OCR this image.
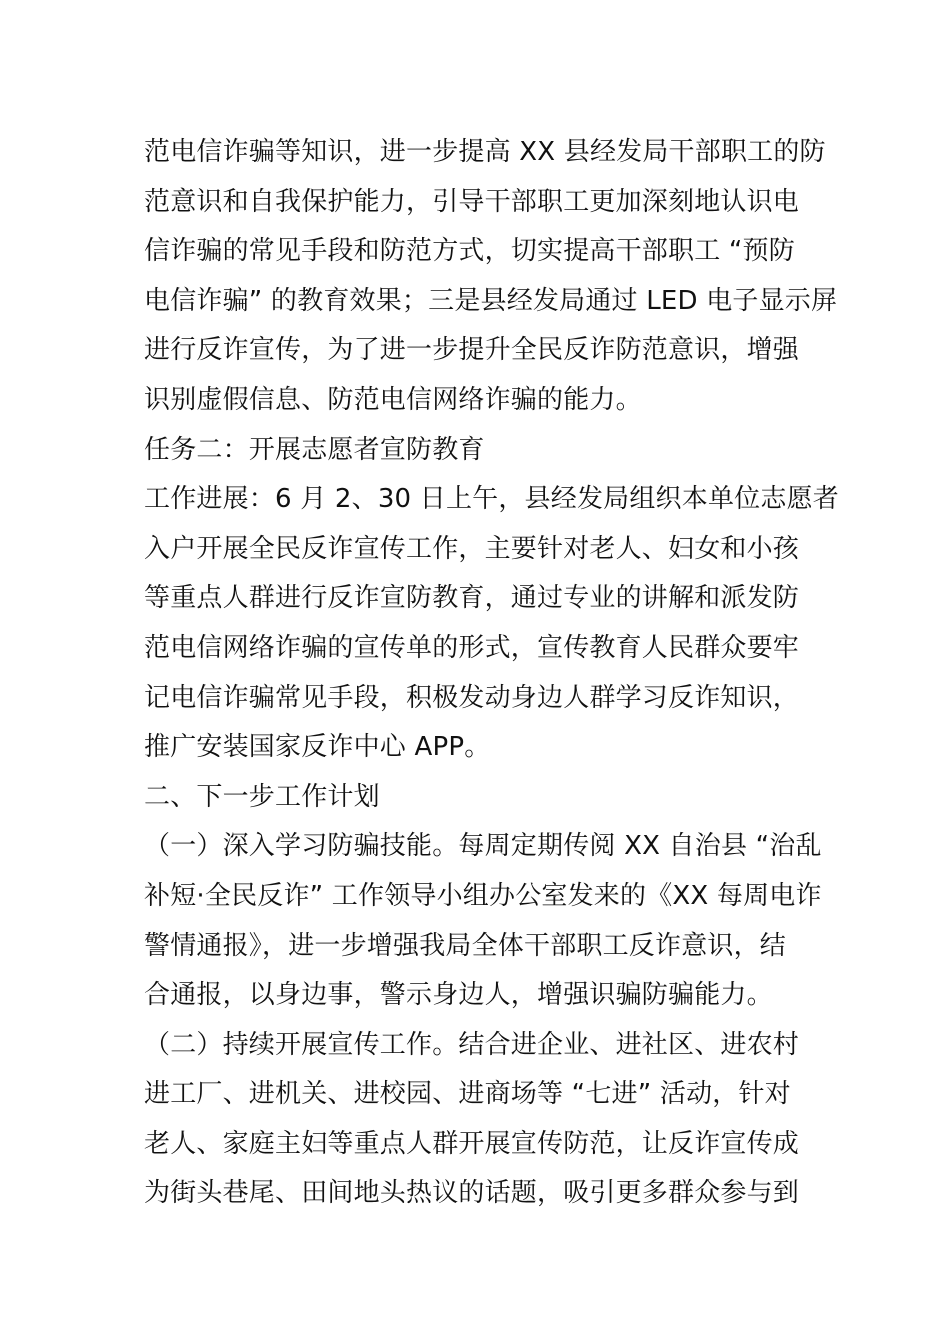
范电信诈骗等知识，进一步提高 XX 县经发局干部职工的防
范意识和自我保护能力，引导干部职工更加深刻地认识电
信诈骗的常见手段和防范方式，切实提高干部职工 “预防
电信诈骗” 的教育效果；三是县经发局通过 LED 电子显示屏
进行反诈宣传，为了进一步提升全民反诈防范意识，增强
识别虚假信息、防范电信网络诈骗的能力。
任务二：开展志愿者宣防教育
工作进展：6 月 2、30 日上午，县经发局组织本单位志愿者
入户开展全民反诈宣传工作，主要针对老人、妇女和小孩
等重点人群进行反诈宣防教育，通过专业的讲解和派发防
范电信网络诈骗的宣传单的形式，宣传教育人民群众要牢
记电信诈骗常见手段，积极发动身边人群学习反诈知识，
推广安装国家反诈中心 APP。
二、下一步工作计划
（一）深入学习防骗技能。每周定期传阅 XX 自治县 “治乱
补短·全民反诈” 工作领导小组办公室发来的《XX 每周电诈
警情通报》，进一步增强我局全体干部职工反诈意识，结
合通报，以身边事，警示身边人，增强识骗防骗能力。
（二）持续开展宣传工作。结合进企业、进社区、进农村
进工厂、进机关、进校园、进商场等 “七进” 活动，针对
老人、家庭主妇等重点人群开展宣传防范，让反诈宣传成
为街头巷尾、田间地头热议的话题，吸引更多群众参与到
